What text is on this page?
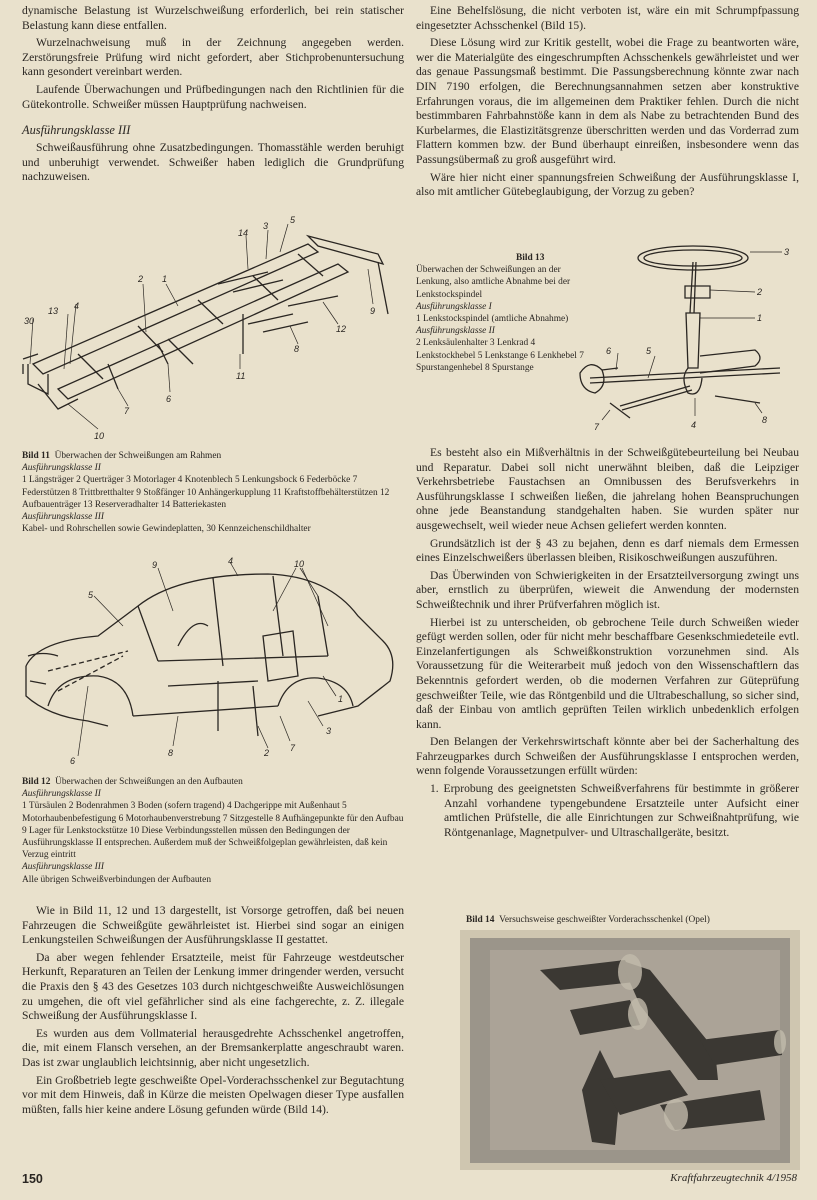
dynamische Belastung ist Wurzelschweißung erforderlich, bei rein statischer Belastung kann diese entfallen.

Wurzelnachweisung muß in der Zeichnung angegeben werden. Zerstörungsfreie Prüfung wird nicht gefordert, aber Stichprobenuntersuchung kann gesondert vereinbart werden.

Laufende Überwachungen und Prüfbedingungen nach den Richtlinien für die Gütekontrolle. Schweißer müssen Hauptprüfung nachweisen.

Ausführungsklasse III

Schweißausführung ohne Zusatzbedingungen. Thomasstähle werden beruhigt und unberuhigt verwendet. Schweißer haben lediglich die Grundprüfung nachzuweisen.

5
3
14
1
2
4
13
30
9
12
8
11
6
7
10
Bild 11 Überwachen der Schweißungen am Rahmen
Ausführungsklasse II
1 Längsträger 2 Querträger 3 Motorlager 4 Knotenblech 5 Lenkungsbock 6 Federböcke 7 Federstützen 8 Trittbretthalter 9 Stoßfänger 10 Anhängerkupplung 11 Kraftstoffbehälterstützen 12 Aufbauenträger 13 Reserveradhalter 14 Batteriekasten
Ausführungsklasse III
Kabel- und Rohrschellen sowie Gewindeplatten, 30 Kennzeichenschildhalter
9	4	10
5
1
3
7
2
8
6
Bild 12 Überwachen der Schweißungen an den Aufbauten
Ausführungsklasse II
1 Türsäulen 2 Bodenrahmen 3 Boden (sofern tragend) 4 Dachgerippe mit Außenhaut 5 Motorhaubenbefestigung 6 Motorhaubenverstrebung 7 Sitzgestelle 8 Aufhängepunkte für den Aufbau 9 Lager für Lenkstockstütze 10 Diese Verbindungsstellen müssen den Bedingungen der Ausführungsklasse II entsprechen. Außerdem muß der Schweißfolgeplan gewährleisten, daß kein Verzug eintritt
Ausführungsklasse III
Alle übrigen Schweißverbindungen der Aufbauten

Wie in Bild 11, 12 und 13 dargestellt, ist Vorsorge getroffen, daß bei neuen Fahrzeugen die Schweißgüte gewährleistet ist. Hierbei sind sogar an einigen Lenkungsteilen Schweißungen der Ausführungsklasse II gestattet.

Da aber wegen fehlender Ersatzteile, meist für Fahrzeuge westdeutscher Herkunft, Reparaturen an Teilen der Lenkung immer dringender werden, versucht die Praxis den § 43 des Gesetzes 103 durch nichtgeschweißte Ausweichlösungen zu umgehen, die oft viel gefährlicher sind als eine fachgerechte, z. Z. illegale Schweißung der Ausführungsklasse I.

Es wurden aus dem Vollmaterial herausgedrehte Achsschenkel angetroffen, die, mit einem Flansch versehen, an der Bremsankerplatte angeschraubt waren. Das ist zwar unglaublich leichtsinnig, aber nicht ungesetzlich.

Ein Großbetrieb legte geschweißte Opel-Vorderachsschenkel zur Begutachtung vor mit dem Hinweis, daß in Kürze die meisten Opelwagen dieser Type ausfallen müßten, falls hier keine andere Lösung gefunden würde (Bild 14).

Eine Behelfslösung, die nicht verboten ist, wäre ein mit Schrumpfpassung eingesetzter Achsschenkel (Bild 15).

Diese Lösung wird zur Kritik gestellt, wobei die Frage zu beantworten wäre, wer die Materialgüte des eingeschrumpften Achsschenkels gewährleistet und wer das genaue Passungsmaß bestimmt. Die Passungsberechnung könnte zwar nach DIN 7190 erfolgen, die Berechnungsannahmen setzen aber konstruktive Erfahrungen voraus, die im allgemeinen dem Praktiker fehlen. Durch die nicht bestimmbaren Fahrbahnstöße kann in dem als Nabe zu betrachtenden Bund des Kurbelarmes, die Elastizitätsgrenze überschritten werden und das Vorderrad zum Flattern kommen bzw. der Bund überhaupt einreißen, insbesondere wenn das Passungsübermaß zu groß ausgeführt wird.

Wäre hier nicht einer spannungsfreien Schweißung der Ausführungsklasse I, also mit amtlicher Gütebeglaubigung, der Vorzug zu geben?

Bild 13
Überwachen der Schweißungen an der Lenkung, also amtliche Abnahme bei der Lenkstockspindel
Ausführungsklasse I
1 Lenkstockspindel (amtliche Abnahme)
Ausführungsklasse II
2 Lenksäulenhalter 3 Lenkrad 4 Lenkstockhebel 5 Lenkstange 6 Lenkhebel 7 Spurstangenhebel 8 Spurstange
3
2
1
6	5
7	4	8

Es besteht also ein Mißverhältnis in der Schweißgütebeurteilung bei Neubau und Reparatur. Dabei soll nicht unerwähnt bleiben, daß die Leipziger Verkehrsbetriebe Faustachsen an Omnibussen des Berufsverkehrs in Ausführungsklasse I schweißen ließen, die jahrelang hohen Beanspruchungen ohne jede Beanstandung standgehalten haben. Sie wurden später nur ausgewechselt, weil wieder neue Achsen geliefert werden konnten.

Grundsätzlich ist der § 43 zu bejahen, denn es darf niemals dem Ermessen eines Einzelschweißers überlassen bleiben, Risikoschweißungen auszuführen.

Das Überwinden von Schwierigkeiten in der Ersatzteilversorgung zwingt uns aber, ernstlich zu überprüfen, wieweit die Anwendung der modernsten Schweißtechnik und ihrer Prüfverfahren möglich ist.

Hierbei ist zu unterscheiden, ob gebrochene Teile durch Schweißen wieder gefügt werden sollen, oder für nicht mehr beschaffbare Gesenkschmiedeteile evtl. Einzelanfertigungen als Schweißkonstruktion vorzunehmen sind. Als Voraussetzung für die Weiterarbeit muß jedoch von den Wissenschaftlern das Bekenntnis gefordert werden, ob die modernen Verfahren zur Güteprüfung geschweißter Teile, wie das Röntgenbild und die Ultrabeschallung, so sicher sind, daß der Einbau von amtlich geprüften Teilen wirklich unbedenklich erfolgen kann.

Den Belangen der Verkehrswirtschaft könnte aber bei der Sacherhaltung des Fahrzeugparkes durch Schweißen der Ausführungsklasse I entsprochen werden, wenn folgende Voraussetzungen erfüllt würden:

1. Erprobung des geeignetsten Schweißverfahrens für bestimmte in größerer Anzahl vorhandene typengebundene Ersatzteile unter Aufsicht einer amtlichen Prüfstelle, die alle Einrichtungen zur Schweißnahtprüfung, wie Röntgenanlage, Magnetpulver- und Ultraschallgeräte, besitzt.
Bild 14 Versuchsweise geschweißter Vorderachsschenkel (Opel)
150	Kraftfahrzeugtechnik 4/1958
